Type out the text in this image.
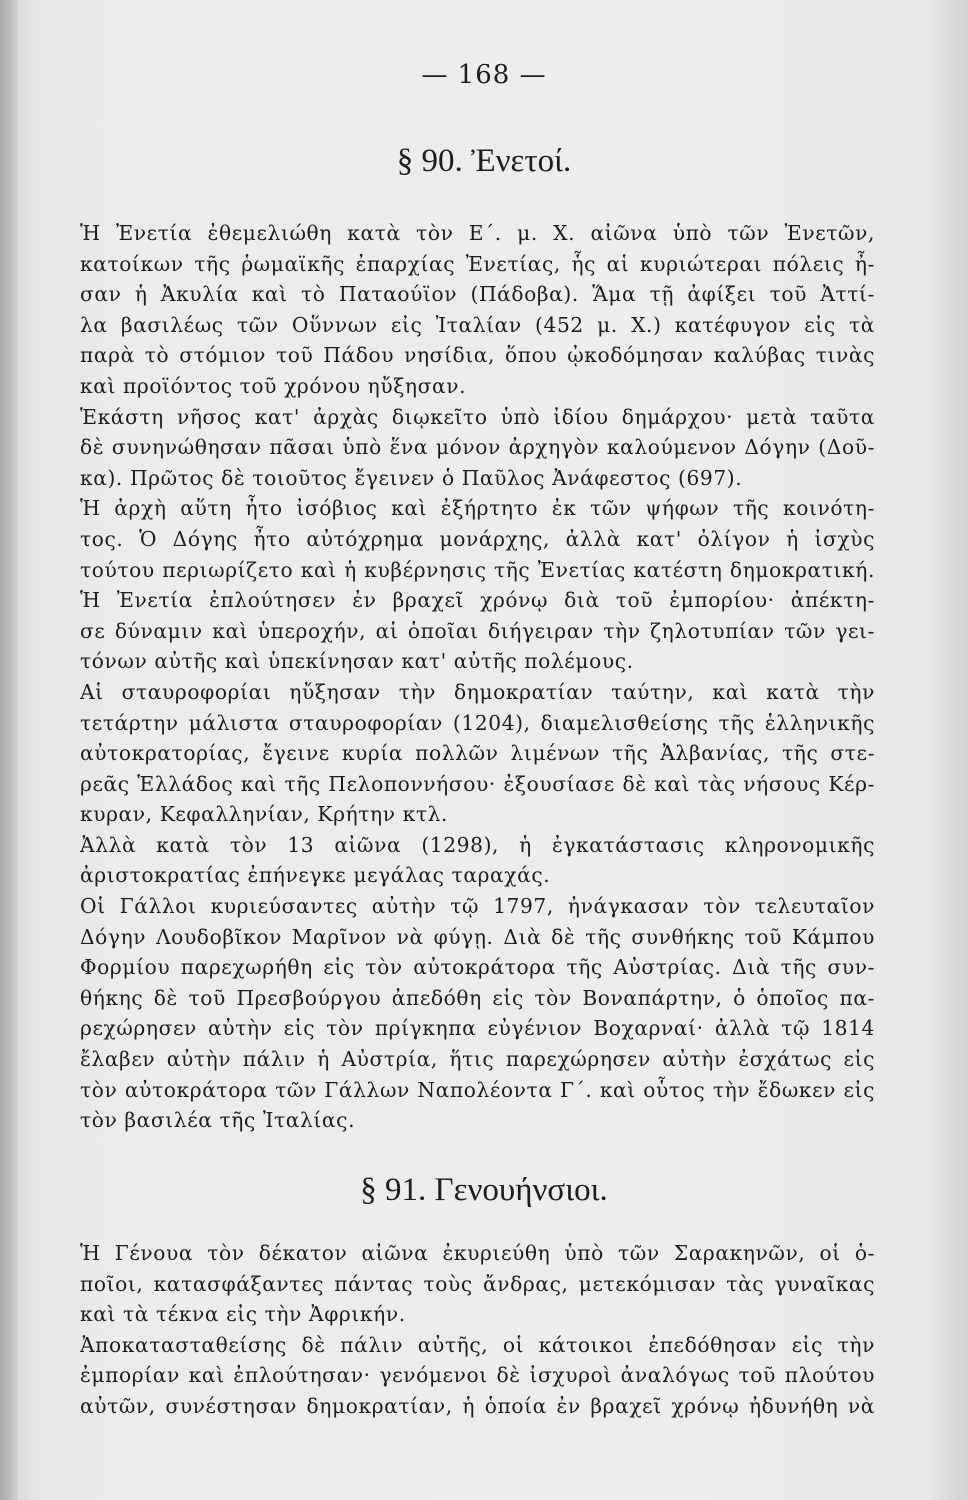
— 168 —
§ 90. Ἐνετοί.
Ἡ Ἐνετία ἐθεμελιώθη κατὰ τὸν Ε΄. μ. Χ. αἰῶνα ὑπὸ τῶν Ἐνετῶν,
κατοίκων τῆς ῥωμαϊκῆς ἐπαρχίας Ἐνετίας, ἧς αἱ κυριώτεραι πόλεις ἦ-
σαν ἡ Ἀκυλία καὶ τὸ Παταούϊον (Πάδοβα). Ἅμα τῇ ἀφίξει τοῦ Ἀττί-
λα βασιλέως τῶν Οὕννων εἰς Ἰταλίαν (452 μ. Χ.) κατέφυγον εἰς τὰ
παρὰ τὸ στόμιον τοῦ Πάδου νησίδια, ὅπου ᾠκοδόμησαν καλύβας τινὰς
καὶ προϊόντος τοῦ χρόνου ηὔξησαν.
Ἑκάστη νῆσος κατ' ἀρχὰς διῳκεῖτο ὑπὸ ἰδίου δημάρχου· μετὰ ταῦτα
δὲ συνηνώθησαν πᾶσαι ὑπὸ ἕνα μόνον ἀρχηγὸν καλούμενον Δόγην (Δοῦ-
κα). Πρῶτος δὲ τοιοῦτος ἔγεινεν ὁ Παῦλος Ἀνάφεστος (697).
Ἡ ἀρχὴ αὕτη ἦτο ἰσόβιος καὶ ἐξήρτητο ἐκ τῶν ψήφων τῆς κοινότη-
τος. Ὁ Δόγης ἦτο αὐτόχρημα μονάρχης, ἀλλὰ κατ' ὀλίγον ἡ ἰσχὺς
τούτου περιωρίζετο καὶ ἡ κυβέρνησις τῆς Ἐνετίας κατέστη δημοκρατική.
Ἡ Ἐνετία ἐπλούτησεν ἐν βραχεῖ χρόνῳ διὰ τοῦ ἐμπορίου· ἀπέκτη-
σε δύναμιν καὶ ὑπεροχήν, αἱ ὁποῖαι διήγειραν τὴν ζηλοτυπίαν τῶν γει-
τόνων αὐτῆς καὶ ὑπεκίνησαν κατ' αὐτῆς πολέμους.
Αἱ σταυροφορίαι ηὔξησαν τὴν δημοκρατίαν ταύτην, καὶ κατὰ τὴν
τετάρτην μάλιστα σταυροφορίαν (1204), διαμελισθείσης τῆς ἑλληνικῆς
αὐτοκρατορίας, ἔγεινε κυρία πολλῶν λιμένων τῆς Ἀλβανίας, τῆς στε-
ρεᾶς Ἑλλάδος καὶ τῆς Πελοποννήσου· ἐξουσίασε δὲ καὶ τὰς νήσους Κέρ-
κυραν, Κεφαλληνίαν, Κρήτην κτλ.
Ἀλλὰ κατὰ τὸν 13 αἰῶνα (1298), ἡ ἐγκατάστασις κληρονομικῆς
ἀριστοκρατίας ἐπήνεγκε μεγάλας ταραχάς.
Οἱ Γάλλοι κυριεύσαντες αὐτὴν τῷ 1797, ἠνάγκασαν τὸν τελευταῖον
Δόγην Λουδοβῖκον Μαρῖνον νὰ φύγῃ. Διὰ δὲ τῆς συνθήκης τοῦ Κάμπου
Φορμίου παρεχωρήθη εἰς τὸν αὐτοκράτορα τῆς Αὐστρίας. Διὰ τῆς συν-
θήκης δὲ τοῦ Πρεσβούργου ἀπεδόθη εἰς τὸν Βοναπάρτην, ὁ ὁποῖος πα-
ρεχώρησεν αὐτὴν εἰς τὸν πρίγκηπα εὐγένιον Βοχαρναί· ἀλλὰ τῷ 1814
ἔλαβεν αὐτὴν πάλιν ἡ Αὐστρία, ἥτις παρεχώρησεν αὐτὴν ἐσχάτως εἰς
τὸν αὐτοκράτορα τῶν Γάλλων Ναπολέοντα Γ΄. καὶ οὗτος τὴν ἔδωκεν εἰς
τὸν βασιλέα τῆς Ἰταλίας.
§ 91. Γενουήνσιοι.
Ἡ Γένουα τὸν δέκατον αἰῶνα ἐκυριεύθη ὑπὸ τῶν Σαρακηνῶν, οἱ ὁ-
ποῖοι, κατασφάξαντες πάντας τοὺς ἄνδρας, μετεκόμισαν τὰς γυναῖκας
καὶ τὰ τέκνα εἰς τὴν Ἀφρικήν.
Ἀποκατασταθείσης δὲ πάλιν αὐτῆς, οἱ κάτοικοι ἐπεδόθησαν εἰς τὴν
ἐμπορίαν καὶ ἐπλούτησαν· γενόμενοι δὲ ἰσχυροὶ ἀναλόγως τοῦ πλούτου
αὐτῶν, συνέστησαν δημοκρατίαν, ἡ ὁποία ἐν βραχεῖ χρόνῳ ἠδυνήθη νὰ
